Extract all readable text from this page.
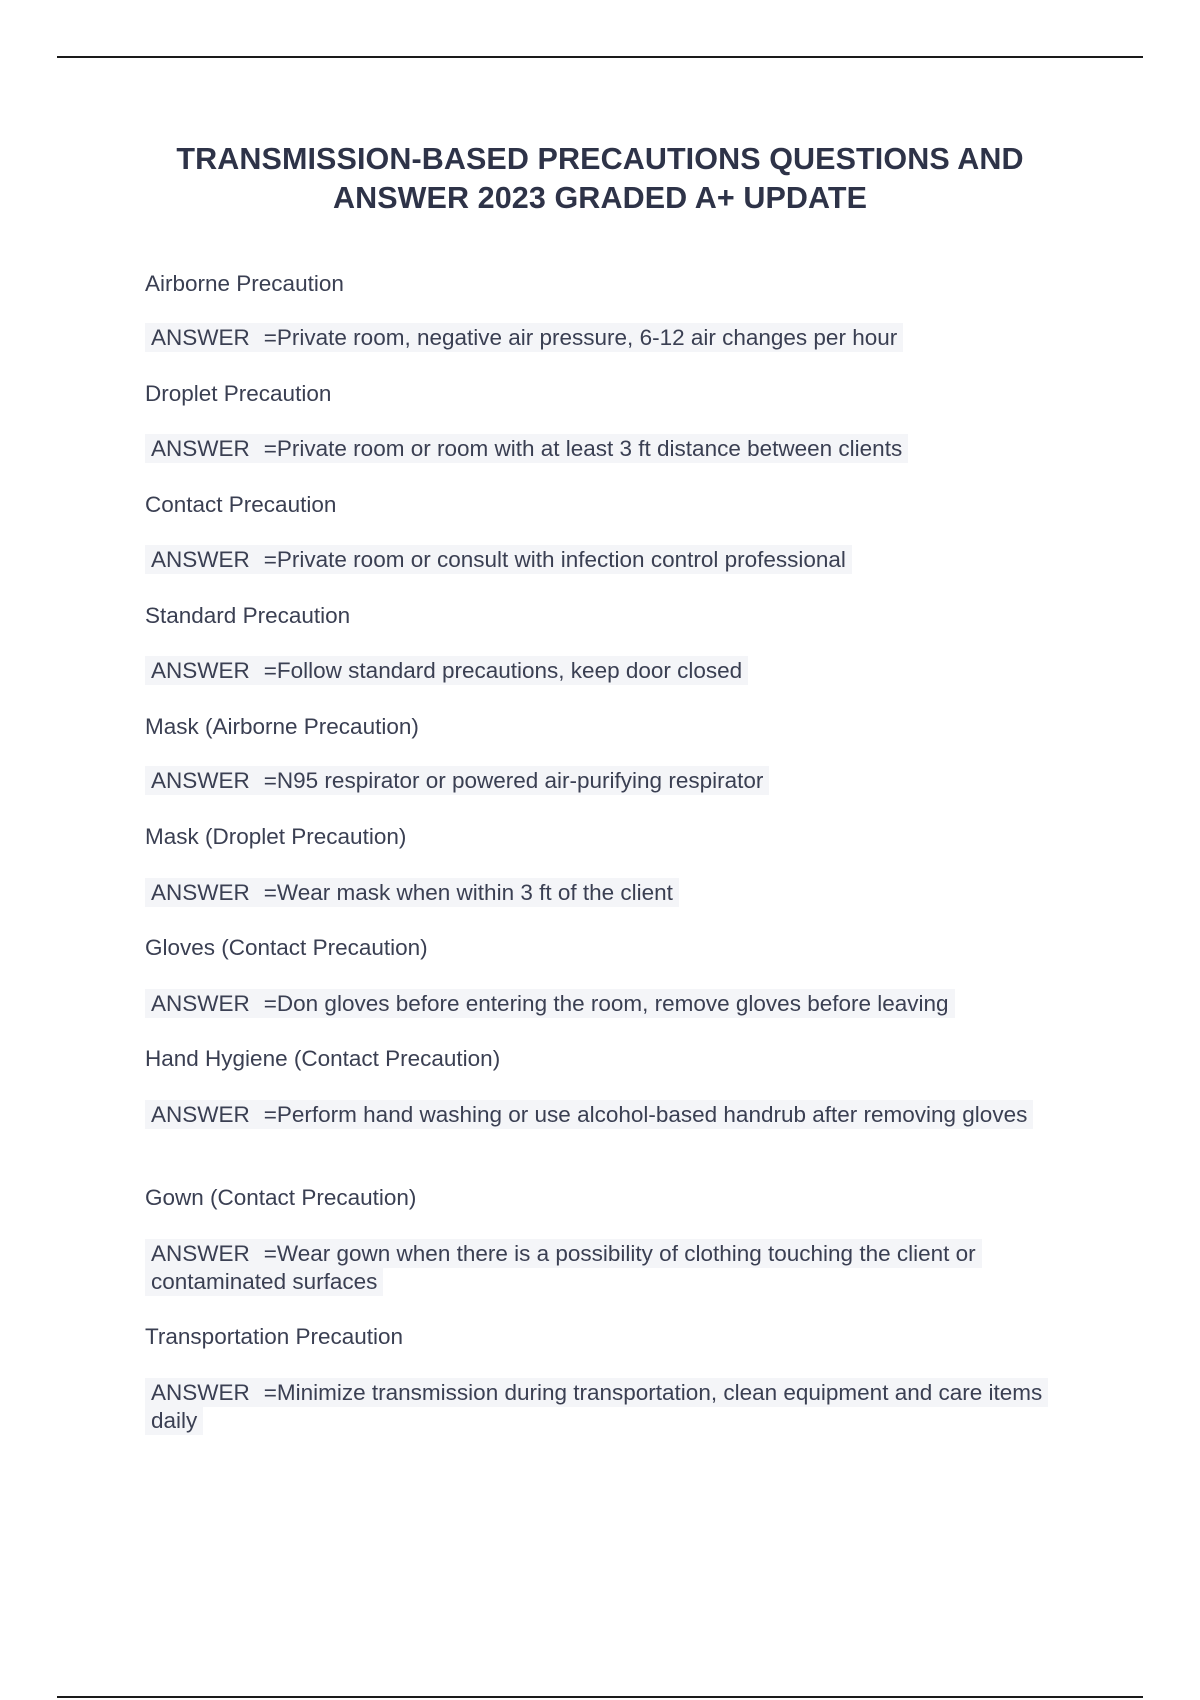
TRANSMISSION-BASED PRECAUTIONS QUESTIONS AND
ANSWER 2023 GRADED A+ UPDATE

Airborne Precaution

ANSWER =Private room, negative air pressure, 6-12 air changes per hour

Droplet Precaution

ANSWER =Private room or room with at least 3 ft distance between clients

Contact Precaution

ANSWER =Private room or consult with infection control professional

Standard Precaution

ANSWER =Follow standard precautions, keep door closed

Mask (Airborne Precaution)

ANSWER =N95 respirator or powered air-purifying respirator

Mask (Droplet Precaution)

ANSWER =Wear mask when within 3 ft of the client

Gloves (Contact Precaution)

ANSWER =Don gloves before entering the room, remove gloves before leaving

Hand Hygiene (Contact Precaution)

ANSWER =Perform hand washing or use alcohol-based handrub after removing gloves

Gown (Contact Precaution)

ANSWER =Wear gown when there is a possibility of clothing touching the client or contaminated surfaces

Transportation Precaution

ANSWER =Minimize transmission during transportation, clean equipment and care items daily
